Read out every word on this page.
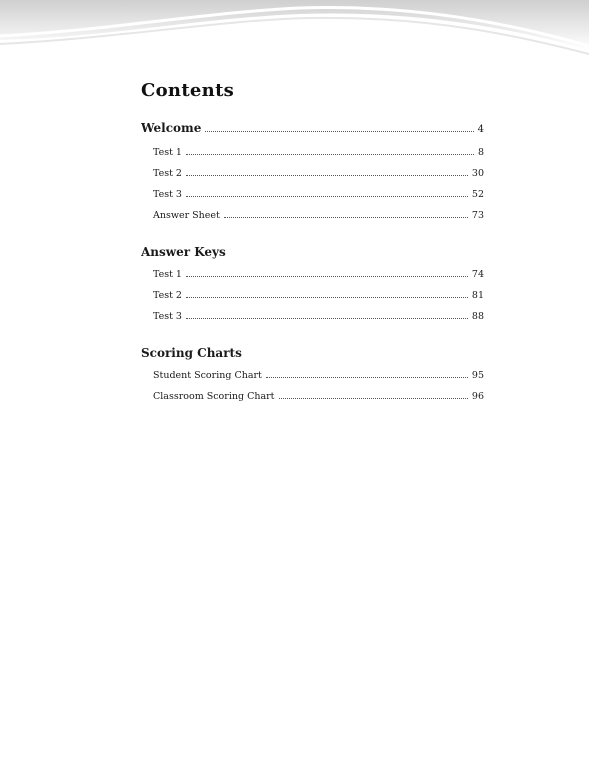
Contents
Welcome	4
Test 1	8
Test 2	30
Test 3	52
Answer Sheet	73
Answer Keys
Test 1	74
Test 2	81
Test 3	88
Scoring Charts
Student Scoring Chart	95
Classroom Scoring Chart	96
